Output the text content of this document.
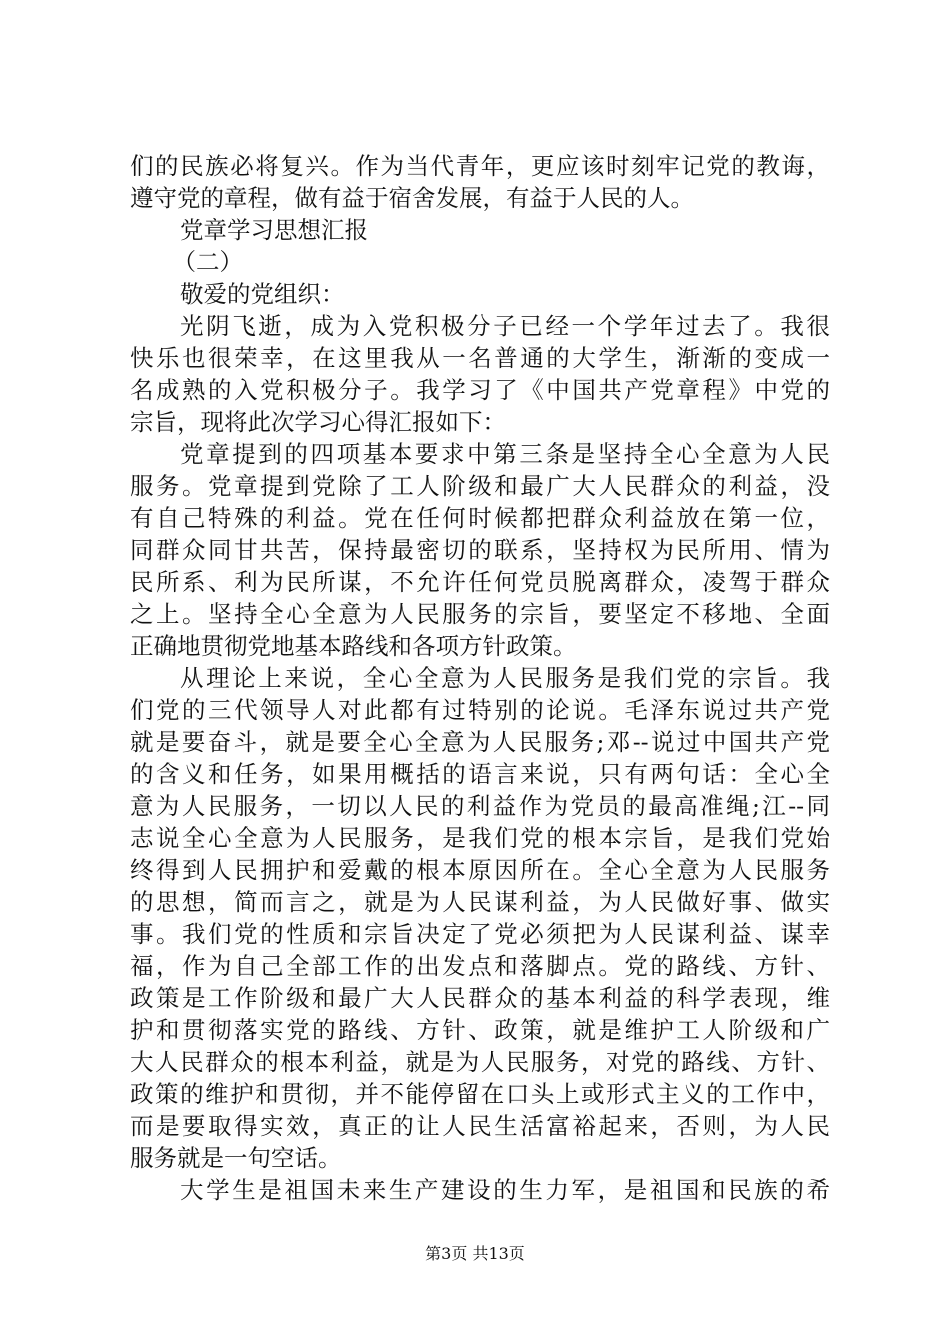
们的民族必将复兴。作为当代青年，更应该时刻牢记党的教诲，
遵守党的章程，做有益于宿舍发展，有益于人民的人。
党章学习思想汇报
（二）
敬爱的党组织：
光阴飞逝，成为入党积极分子已经一个学年过去了。我很
快乐也很荣幸，在这里我从一名普通的大学生，渐渐的变成一
名成熟的入党积极分子。我学习了《中国共产党章程》中党的
宗旨，现将此次学习心得汇报如下：
党章提到的四项基本要求中第三条是坚持全心全意为人民
服务。党章提到党除了工人阶级和最广大人民群众的利益，没
有自己特殊的利益。党在任何时候都把群众利益放在第一位，
同群众同甘共苦，保持最密切的联系，坚持权为民所用、情为
民所系、利为民所谋，不允许任何党员脱离群众，凌驾于群众
之上。坚持全心全意为人民服务的宗旨，要坚定不移地、全面
正确地贯彻党地基本路线和各项方针政策。
从理论上来说，全心全意为人民服务是我们党的宗旨。我
们党的三代领导人对此都有过特别的论说。毛泽东说过共产党
就是要奋斗，就是要全心全意为人民服务;邓--说过中国共产党
的含义和任务，如果用概括的语言来说，只有两句话：全心全
意为人民服务，一切以人民的利益作为党员的最高准绳;江--同
志说全心全意为人民服务，是我们党的根本宗旨，是我们党始
终得到人民拥护和爱戴的根本原因所在。全心全意为人民服务
的思想，简而言之，就是为人民谋利益，为人民做好事、做实
事。我们党的性质和宗旨决定了党必须把为人民谋利益、谋幸
福，作为自己全部工作的出发点和落脚点。党的路线、方针、
政策是工作阶级和最广大人民群众的基本利益的科学表现，维
护和贯彻落实党的路线、方针、政策，就是维护工人阶级和广
大人民群众的根本利益，就是为人民服务，对党的路线、方针、
政策的维护和贯彻，并不能停留在口头上或形式主义的工作中，
而是要取得实效，真正的让人民生活富裕起来，否则，为人民
服务就是一句空话。
大学生是祖国未来生产建设的生力军，是祖国和民族的希
第3页 共13页
